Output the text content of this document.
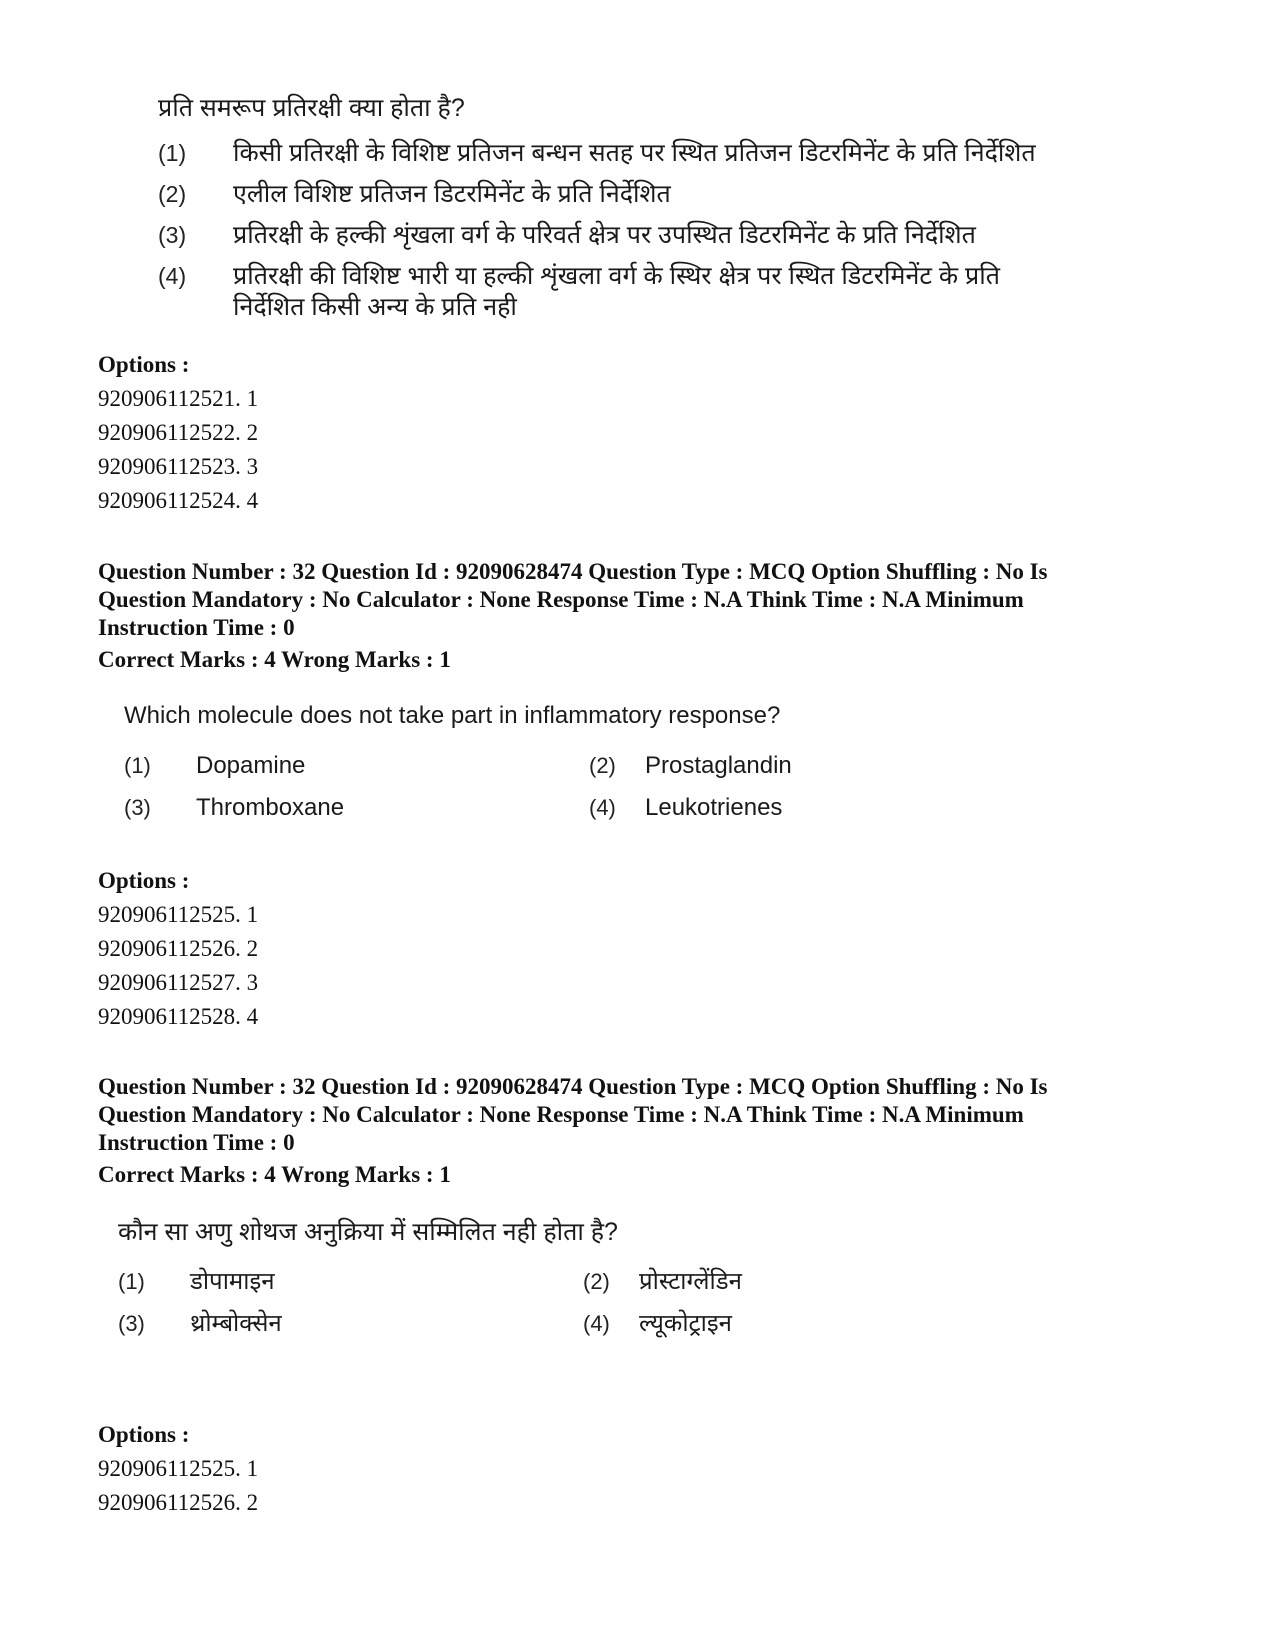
प्रति समरूप प्रतिरक्षी क्या होता है?
(1)	किसी प्रतिरक्षी के विशिष्ट प्रतिजन बन्धन सतह पर स्थित प्रतिजन डिटरमिनेंट के प्रति निर्देशित
(2)	एलील विशिष्ट प्रतिजन डिटरमिनेंट के प्रति निर्देशित
(3)	प्रतिरक्षी के हल्की शृंखला वर्ग के परिवर्त क्षेत्र पर उपस्थित डिटरमिनेंट के प्रति निर्देशित
(4)	प्रतिरक्षी की विशिष्ट भारी या हल्की शृंखला वर्ग के स्थिर क्षेत्र पर स्थित डिटरमिनेंट के प्रति निर्देशित किसी अन्य के प्रति नही
Options :
920906112521. 1
920906112522. 2
920906112523. 3
920906112524. 4
Question Number : 32 Question Id : 92090628474 Question Type : MCQ Option Shuffling : No Is
Question Mandatory : No Calculator : None Response Time : N.A Think Time : N.A Minimum
Instruction Time : 0
Correct Marks : 4 Wrong Marks : 1
Which molecule does not take part in inflammatory response?
(1)	Dopamine	(2)	Prostaglandin
(3)	Thromboxane	(4)	Leukotrienes
Options :
920906112525. 1
920906112526. 2
920906112527. 3
920906112528. 4
Question Number : 32 Question Id : 92090628474 Question Type : MCQ Option Shuffling : No Is
Question Mandatory : No Calculator : None Response Time : N.A Think Time : N.A Minimum
Instruction Time : 0
Correct Marks : 4 Wrong Marks : 1
कौन सा अणु शोथज अनुक्रिया में सम्मिलित नही होता है?
(1)	डोपामाइन	(2)	प्रोस्टाग्लेंडिन
(3)	थ्रोम्बोक्सेन	(4)	ल्यूकोट्राइन
Options :
920906112525. 1
920906112526. 2
